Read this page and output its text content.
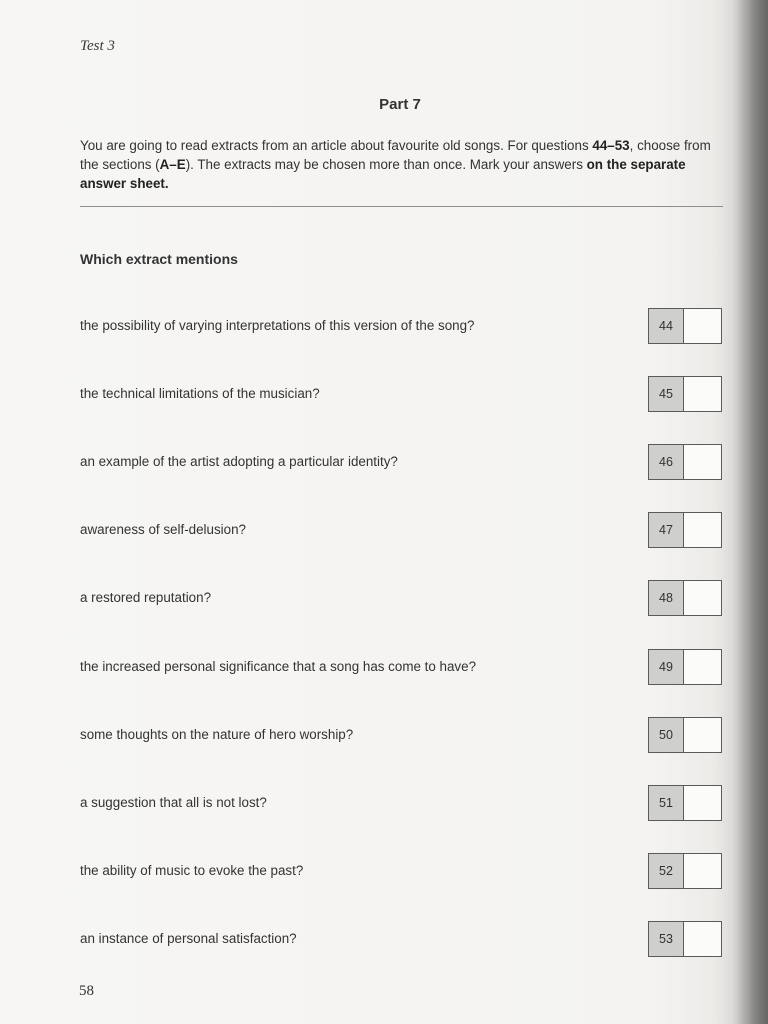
Test 3
Part 7
You are going to read extracts from an article about favourite old songs. For questions 44–53, choose from the sections (A–E). The extracts may be chosen more than once. Mark your answers on the separate answer sheet.
Which extract mentions
the possibility of varying interpretations of this version of the song?	44
the technical limitations of the musician?	45
an example of the artist adopting a particular identity?	46
awareness of self-delusion?	47
a restored reputation?	48
the increased personal significance that a song has come to have?	49
some thoughts on the nature of hero worship?	50
a suggestion that all is not lost?	51
the ability of music to evoke the past?	52
an instance of personal satisfaction?	53
58
